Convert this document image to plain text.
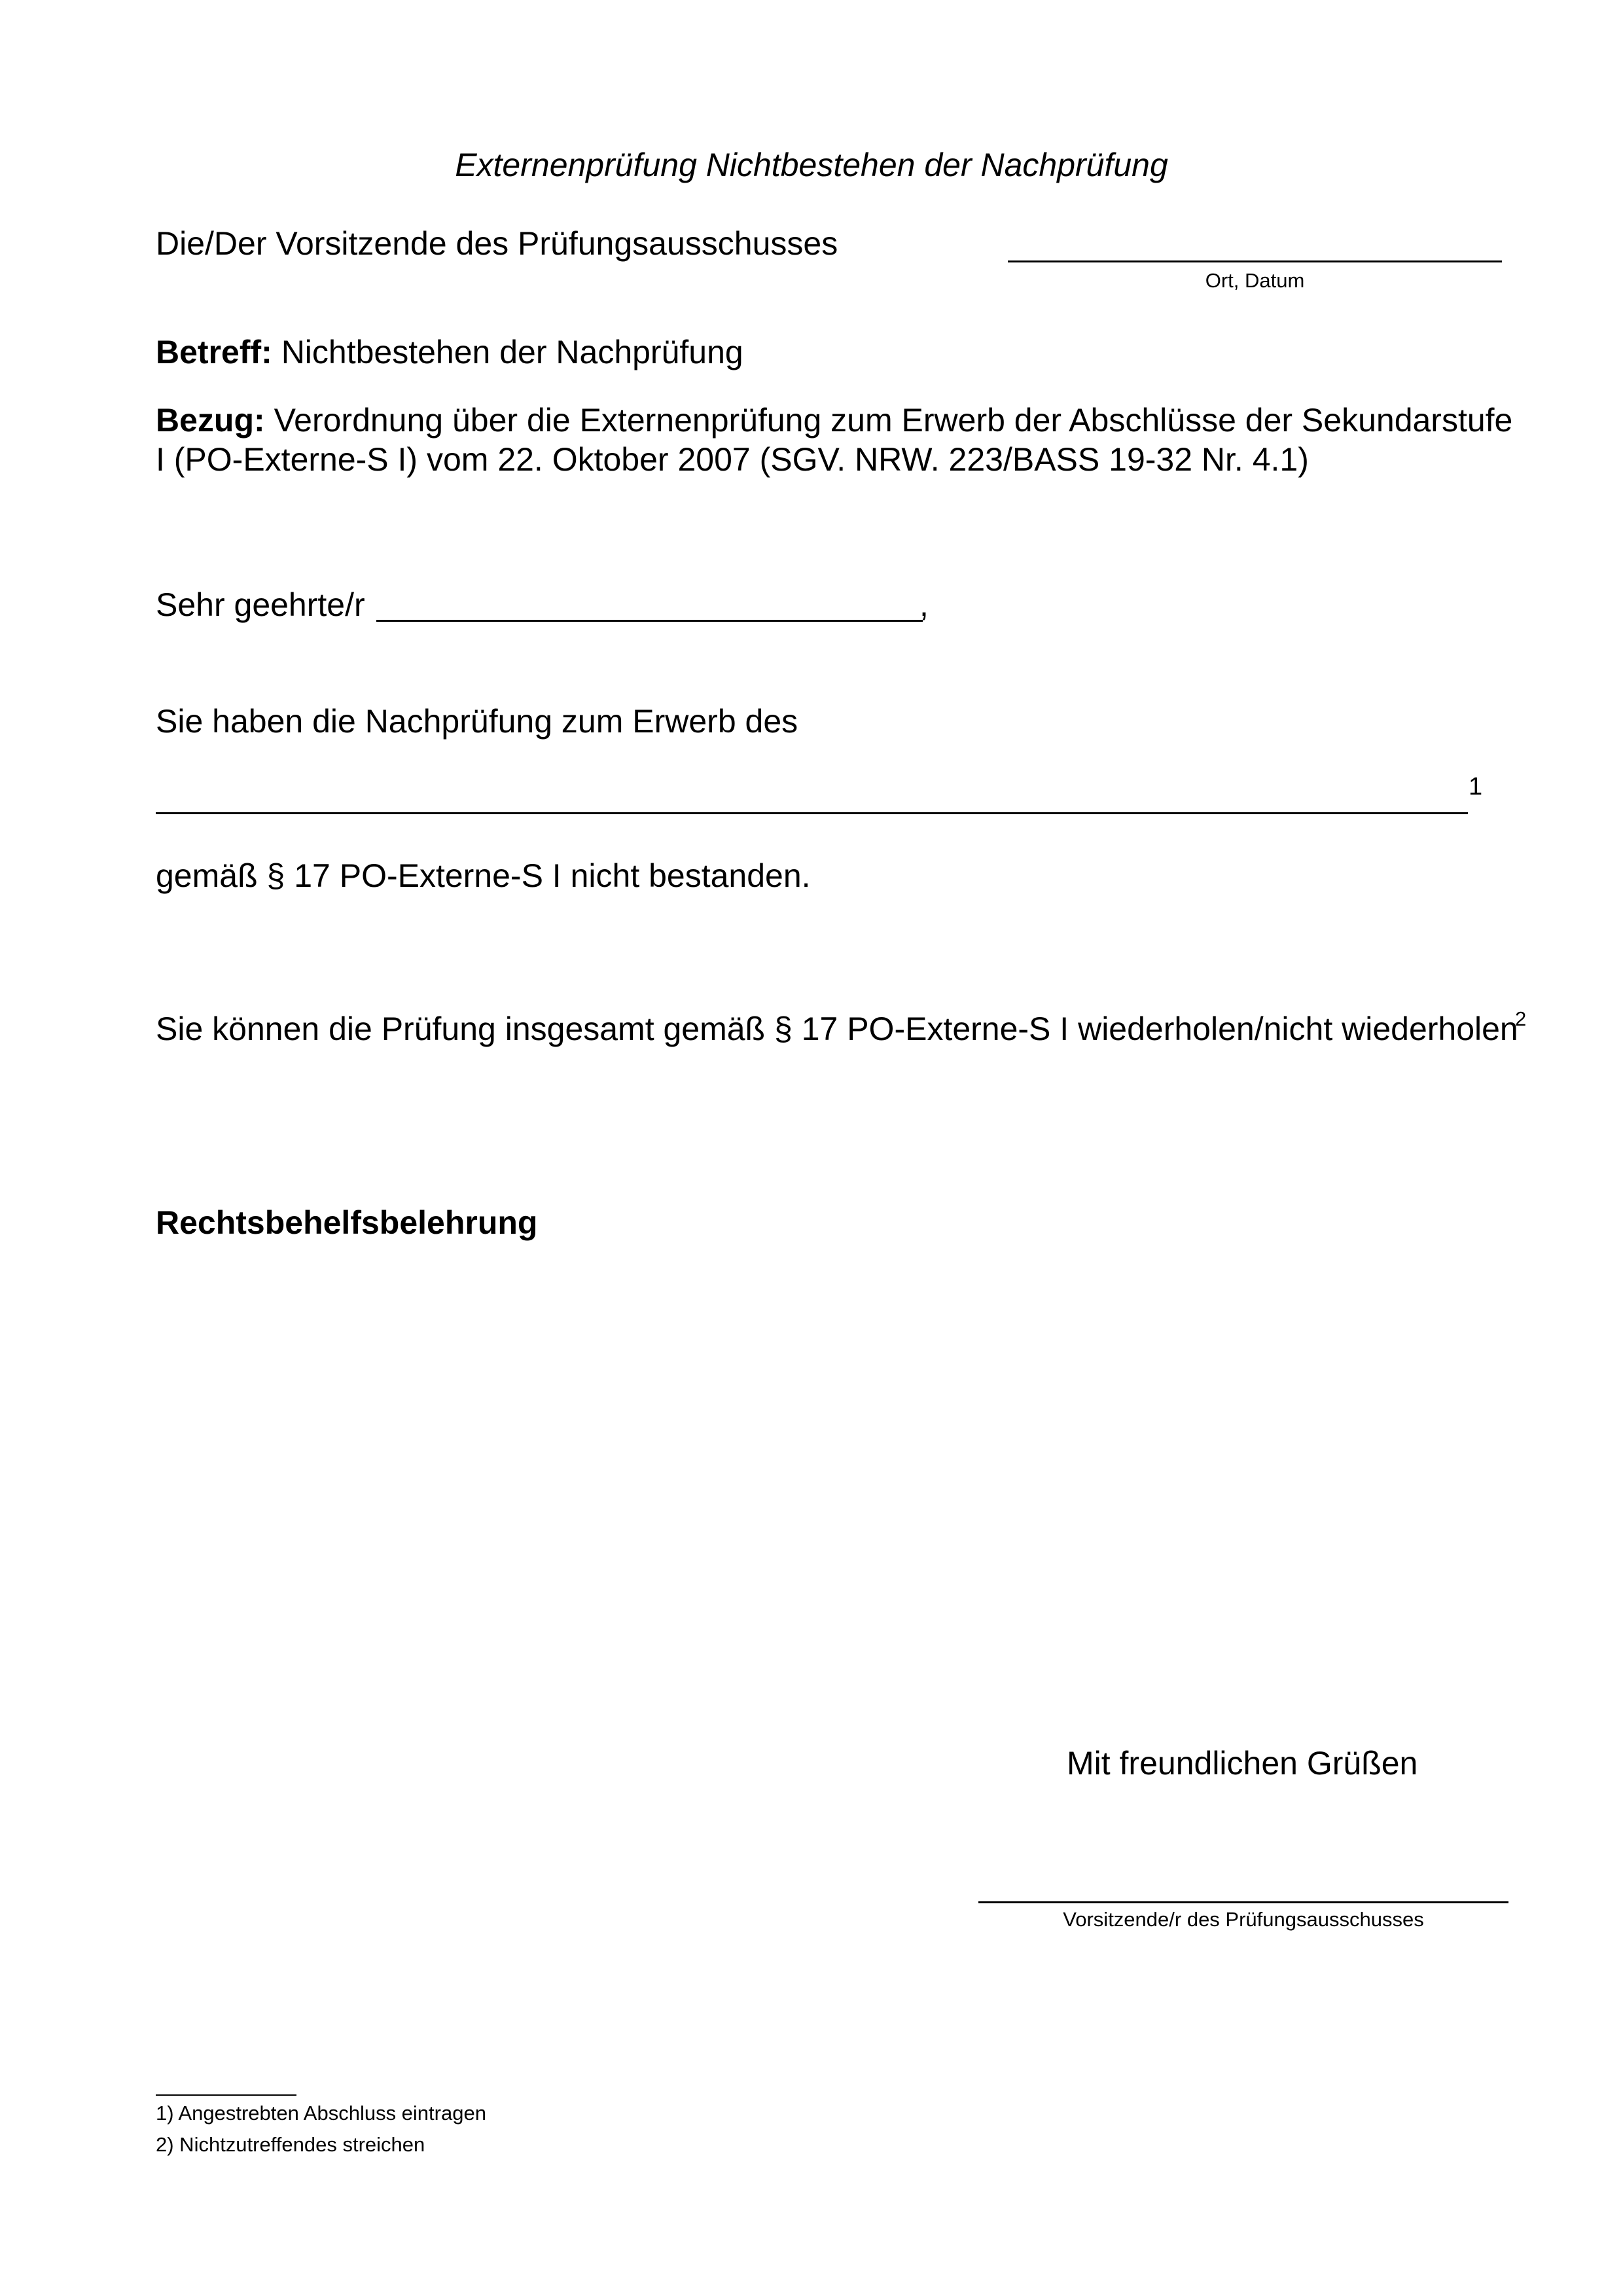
Externenprüfung Nichtbestehen der Nachprüfung
Die/Der Vorsitzende des Prüfungsausschusses
Ort, Datum
Betreff: Nichtbestehen der Nachprüfung
Bezug: Verordnung über die Externenprüfung zum Erwerb der Abschlüsse der Sekundarstufe I (PO-Externe-S I) vom 22. Oktober 2007 (SGV. NRW. 223/BASS 19-32 Nr. 4.1)
Sehr geehrte/r	,
Sie haben die Nachprüfung zum Erwerb des
1
gemäß § 17 PO-Externe-S I nicht bestanden.
Sie können die Prüfung insgesamt gemäß § 17 PO-Externe-S I wiederholen/nicht wiederholen
2
Rechtsbehelfsbelehrung
Mit freundlichen Grüßen
Vorsitzende/r des Prüfungsausschusses
1) Angestrebten Abschluss eintragen
2) Nichtzutreffendes streichen
